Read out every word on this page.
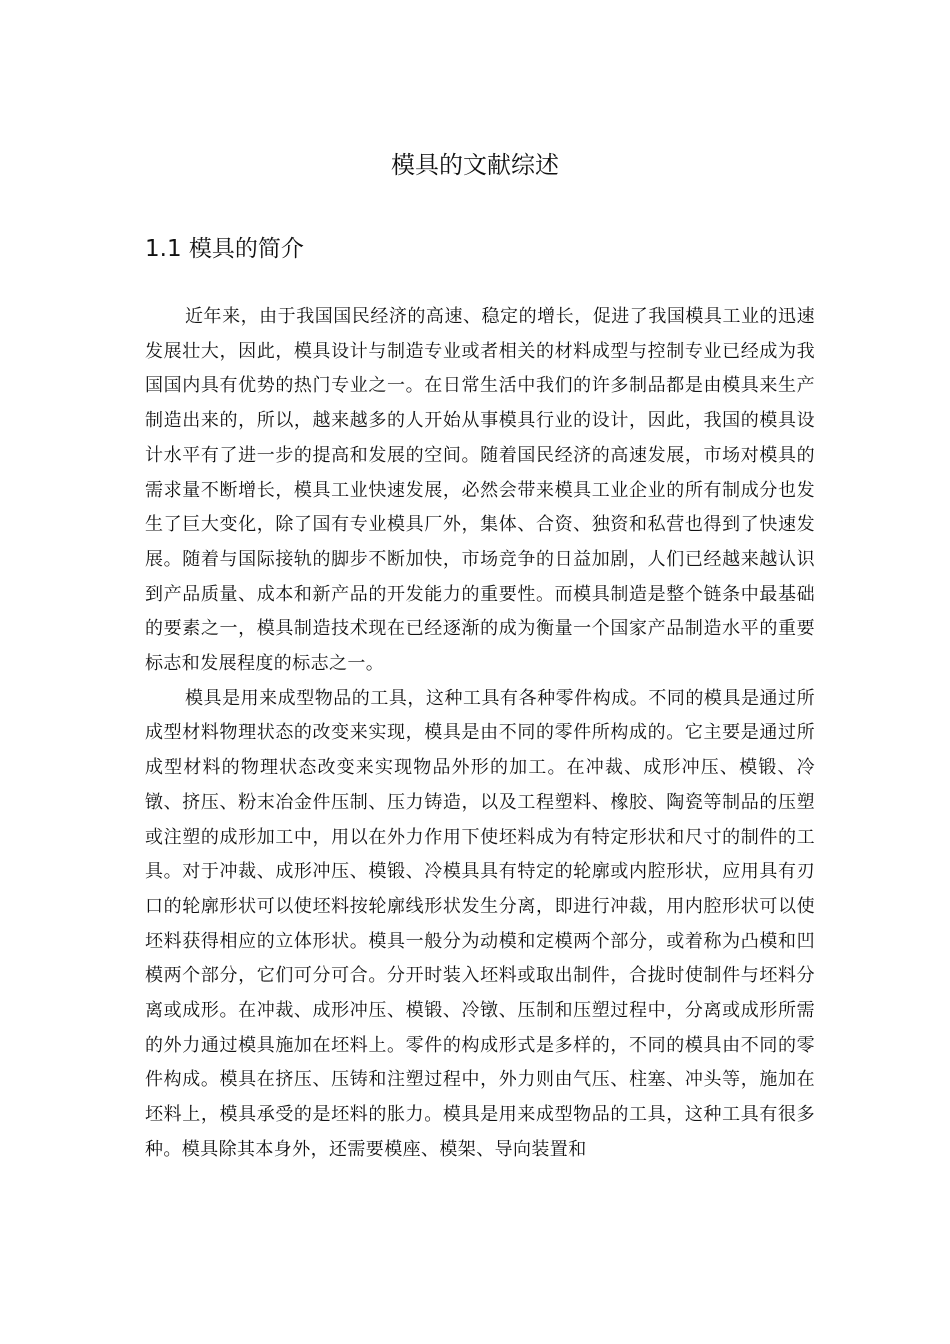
模具的文献综述
1.1 模具的简介

近年来，由于我国国民经济的高速、稳定的增长，促进了我国模具工业的迅速发展壮大，因此，模具设计与制造专业或者相关的材料成型与控制专业已经成为我国国内具有优势的热门专业之一。在日常生活中我们的许多制品都是由模具来生产制造出来的，所以，越来越多的人开始从事模具行业的设计，因此，我国的模具设计水平有了进一步的提高和发展的空间。随着国民经济的高速发展，市场对模具的需求量不断增长，模具工业快速发展，必然会带来模具工业企业的所有制成分也发生了巨大变化，除了国有专业模具厂外，集体、合资、独资和私营也得到了快速发展。随着与国际接轨的脚步不断加快，市场竞争的日益加剧，人们已经越来越认识到产品质量、成本和新产品的开发能力的重要性。而模具制造是整个链条中最基础的要素之一，模具制造技术现在已经逐渐的成为衡量一个国家产品制造水平的重要标志和发展程度的标志之一。

模具是用来成型物品的工具，这种工具有各种零件构成。不同的模具是通过所成型材料物理状态的改变来实现，模具是由不同的零件所构成的。它主要是通过所成型材料的物理状态改变来实现物品外形的加工。在冲裁、成形冲压、模锻、冷镦、挤压、粉末冶金件压制、压力铸造，以及工程塑料、橡胶、陶瓷等制品的压塑或注塑的成形加工中，用以在外力作用下使坯料成为有特定形状和尺寸的制件的工具。对于冲裁、成形冲压、模锻、冷模具具有特定的轮廓或内腔形状，应用具有刃口的轮廓形状可以使坯料按轮廓线形状发生分离，即进行冲裁，用内腔形状可以使坯料获得相应的立体形状。模具一般分为动模和定模两个部分，或着称为凸模和凹模两个部分，它们可分可合。分开时装入坯料或取出制件，合拢时使制件与坯料分离或成形。在冲裁、成形冲压、模锻、冷镦、压制和压塑过程中，分离或成形所需的外力通过模具施加在坯料上。零件的构成形式是多样的，不同的模具由不同的零件构成。模具在挤压、压铸和注塑过程中，外力则由气压、柱塞、冲头等，施加在坯料上，模具承受的是坯料的胀力。模具是用来成型物品的工具，这种工具有很多种。模具除其本身外，还需要模座、模架、导向装置和
